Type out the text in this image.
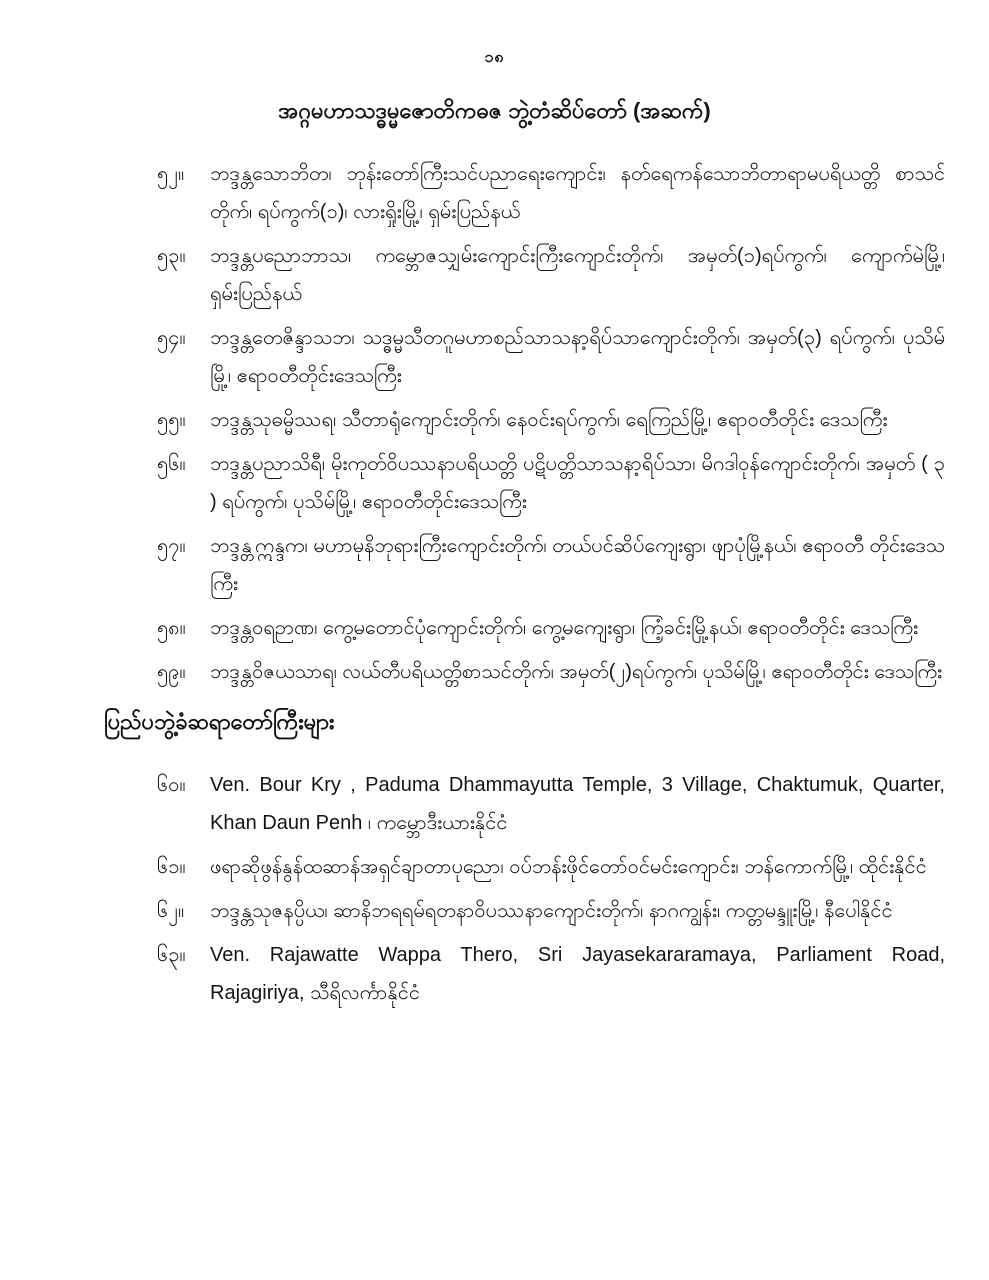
၁၈
အဂ္ဂမဟာသဒ္ဓမ္မဇောတိကဓဇ ဘွဲ့တံဆိပ်တော် (အဆက်)
၅၂။	ဘဒ္ဒန္တသောဘိတ၊ ဘုန်းတော်ကြီးသင်ပညာရေးကျောင်း၊ နတ်ရေကန်သောဘိတာရာမပရိယတ္တိ စာသင်တိုက်၊ ရပ်ကွက်(၁)၊ လားရှိုးမြို့၊ ရှမ်းပြည်နယ်
၅၃။	ဘဒ္ဒန္တပညောဘာသ၊ ကမ္ဘောဇသျှမ်းကျောင်းကြီးကျောင်းတိုက်၊ အမှတ်(၁)ရပ်ကွက်၊ ကျောက်မဲမြို့၊ ရှမ်းပြည်နယ်
၅၄။	ဘဒ္ဒန္တတေဇိန္ဒာသဘ၊ သဒ္ဓမ္မသီတဂူမဟာစည်သာသနာ့ရိပ်သာကျောင်းတိုက်၊ အမှတ်(၃) ရပ်ကွက်၊ ပုသိမ်မြို့၊ ဧရာဝတီတိုင်းဒေသကြီး
၅၅။	ဘဒ္ဒန္တသုဓမ္မိဿရ၊ သီတာရုံကျောင်းတိုက်၊ နေဝင်းရပ်ကွက်၊ ရေကြည်မြို့၊ ဧရာဝတီတိုင်း ဒေသကြီး
၅၆။	ဘဒ္ဒန္တပညာသိရီ၊ မိုးကုတ်ဝိပဿနာပရိယတ္တိ ပဋိပတ္တိသာသနာ့ရိပ်သာ၊ မိဂဒါဝုန်ကျောင်းတိုက်၊ အမှတ် ( ၃ ) ရပ်ကွက်၊ ပုသိမ်မြို့၊ ဧရာဝတီတိုင်းဒေသကြီး
၅၇။	ဘဒ္ဒန္တဣန္ဒက၊ မဟာမုနိဘုရားကြီးကျောင်းတိုက်၊ တယ်ပင်ဆိပ်ကျေးရွာ၊ ဖျာပုံမြို့နယ်၊ ဧရာဝတီ တိုင်းဒေသကြီး
၅၈။	ဘဒ္ဒန္တဝရဉာဏ၊ ကွေ့မတောင်ပုံကျောင်းတိုက်၊ ကွေ့မကျေးရွာ၊ ကြံ့ခင်းမြို့နယ်၊ ဧရာဝတီတိုင်း ဒေသကြီး
၅၉။	ဘဒ္ဒန္တဝိဇယသာရ၊ လယ်တီပရိယတ္တိစာသင်တိုက်၊ အမှတ်(၂)ရပ်ကွက်၊ ပုသိမ်မြို့၊ ဧရာဝတီတိုင်း ဒေသကြီး
ပြည်ပဘွဲ့ခံဆရာတော်ကြီးများ
၆၀။	Ven. Bour Kry , Paduma Dhammayutta Temple, 3 Village, Chaktumuk, Quarter, Khan Daun Penh ၊ ကမ္ဘောဒီးယားနိုင်ငံ
၆၁။	ဖရာဆိုဖွန်နွန်ထဆာန်အရှင်ချာတာပုညော၊ ဝပ်ဘန်းဖိုင်တော်ဝင်မင်းကျောင်း၊ ဘန်ကောက်မြို့၊ ထိုင်းနိုင်ငံ
၆၂။	ဘဒ္ဒန္တသုဇနပ္ပိယ၊ ဆာနိဘရရမ်ရတနာဝိပဿနာကျောင်းတိုက်၊ နာဂကျွန်း၊ ကတ္တမန္ဒူးမြို့၊ နီပေါနိုင်ငံ
၆၃။	Ven. Rajawatte Wappa Thero, Sri Jayasekararamaya, Parliament Road, Rajagiriya, သီရိလင်္ကာနိုင်ငံ
